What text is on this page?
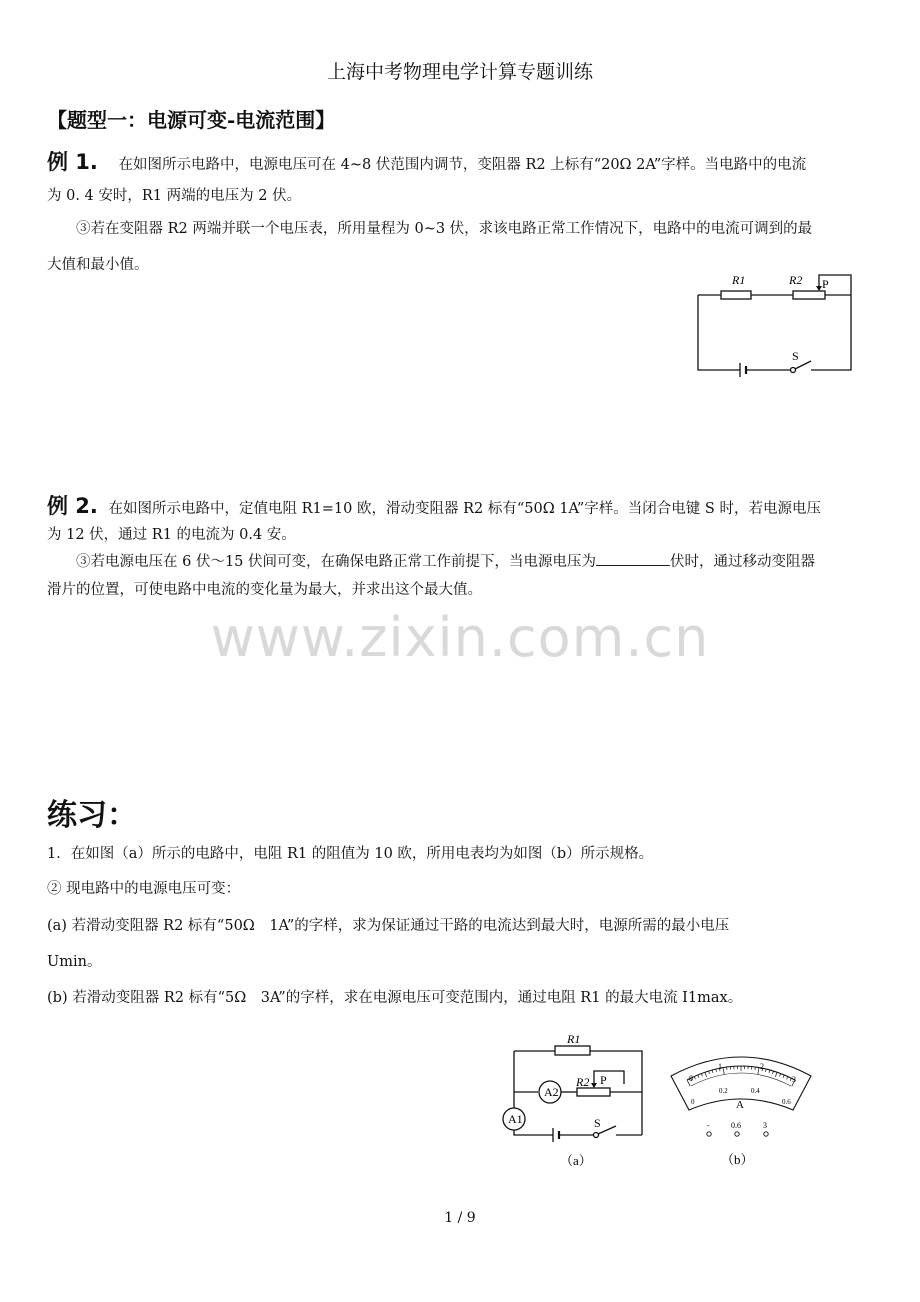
上海中考物理电学计算专题训练
【题型一：电源可变-电流范围】
例 1. 在如图所示电路中，电源电压可在 4~8 伏范围内调节，变阻器 R2 上标有“20Ω 2A”字样。当电路中的电流
为 0. 4 安时，R1 两端的电压为 2 伏。
③若在变阻器 R2 两端并联一个电压表，所用量程为 0~3 伏，求该电路正常工作情况下，电路中的电流可调到的最
大值和最小值。
R1	R2 P
S
例 2. 在如图所示电路中，定值电阻 R1=10 欧，滑动变阻器 R2 标有“50Ω 1A”字样。当闭合电键 S 时，若电源电压
为 12 伏，通过 R1 的电流为 0.4 安。
③若电源电压在 6 伏～15 伏间可变，在确保电路正常工作前提下，当电源电压为	伏时，通过移动变阻器
滑片的位置，可使电路中电流的变化量为最大，并求出这个最大值。
www.zixin.com.cn
练习：
1．在如图（a）所示的电路中，电阻 R1 的阻值为 10 欧，所用电表均为如图（b）所示规格。
② 现电路中的电源电压可变：
(a) 若滑动变阻器 R2 标有“50Ω　1A”的字样，求为保证通过干路的电流达到最大时，电源所需的最小电压
Umin。
(b) 若滑动变阻器 R2 标有“5Ω　3A”的字样，求在电源电压可变范围内，通过电阻 R1 的最大电流 I1max。
R1
R2 P
A1
A2
S
（a）
0
1	2
3
0
0.2	0.4
0.6
A
-	0.6	3
（b）
1 / 9
